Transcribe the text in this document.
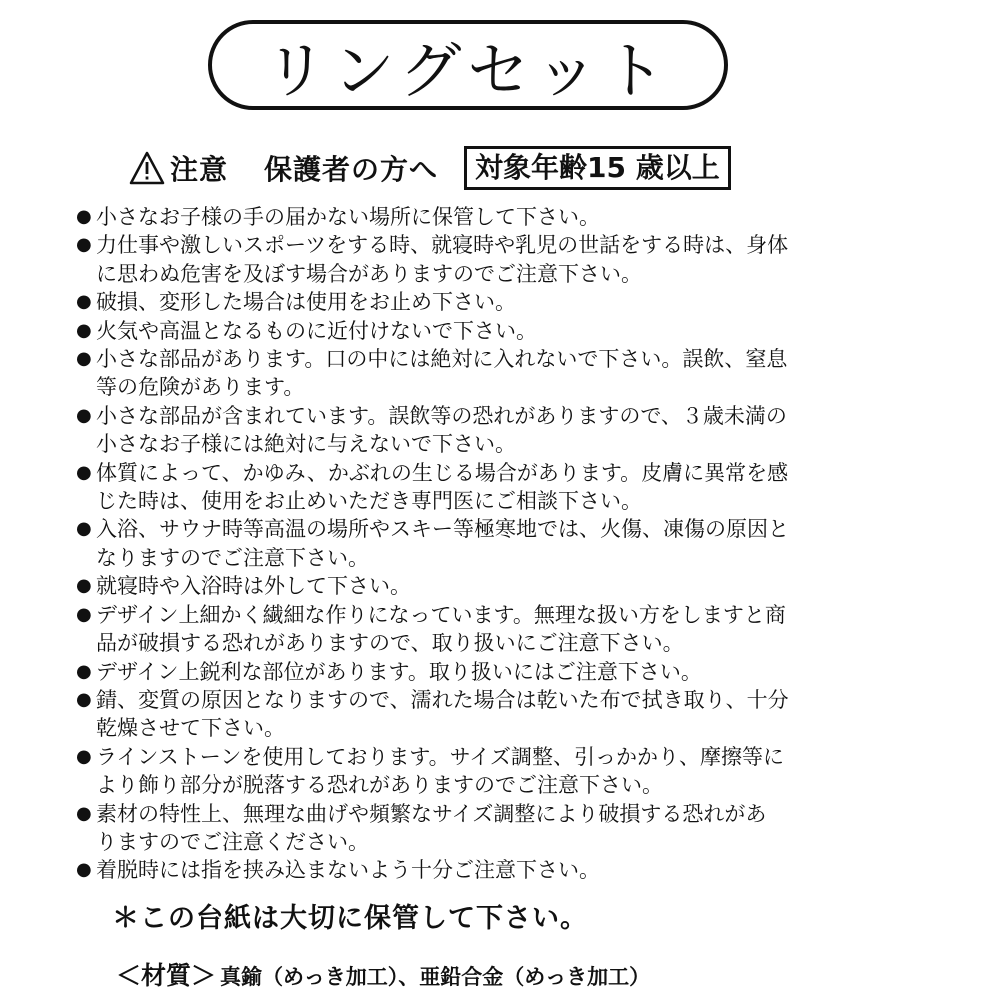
リングセット
注意 保護者の方へ	対象年齢15 歳以上
● 小さなお子様の手の届かない場所に保管して下さい。
● 力仕事や激しいスポーツをする時、就寝時や乳児の世話をする時は、身体
に思わぬ危害を及ぼす場合がありますのでご注意下さい。
● 破損、変形した場合は使用をお止め下さい。
● 火気や高温となるものに近付けないで下さい。
● 小さな部品があります。口の中には絶対に入れないで下さい。誤飲、窒息
等の危険があります。
● 小さな部品が含まれています。誤飲等の恐れがありますので、３歳未満の
小さなお子様には絶対に与えないで下さい。
● 体質によって、かゆみ、かぶれの生じる場合があります。皮膚に異常を感
じた時は、使用をお止めいただき専門医にご相談下さい。
● 入浴、サウナ時等高温の場所やスキー等極寒地では、火傷、凍傷の原因と
なりますのでご注意下さい。
● 就寝時や入浴時は外して下さい。
● デザイン上細かく繊細な作りになっています。無理な扱い方をしますと商
品が破損する恐れがありますので、取り扱いにご注意下さい。
● デザイン上鋭利な部位があります。取り扱いにはご注意下さい。
● 錆、変質の原因となりますので、濡れた場合は乾いた布で拭き取り、十分
乾燥させて下さい。
● ラインストーンを使用しております。サイズ調整、引っかかり、摩擦等に
より飾り部分が脱落する恐れがありますのでご注意下さい。
● 素材の特性上、無理な曲げや頻繁なサイズ調整により破損する恐れがあ
りますのでご注意ください。
● 着脱時には指を挟み込まないよう十分ご注意下さい。
＊この台紙は大切に保管して下さい。
＜材質＞ 真鍮（めっき加工）、亜鉛合金（めっき加工）
